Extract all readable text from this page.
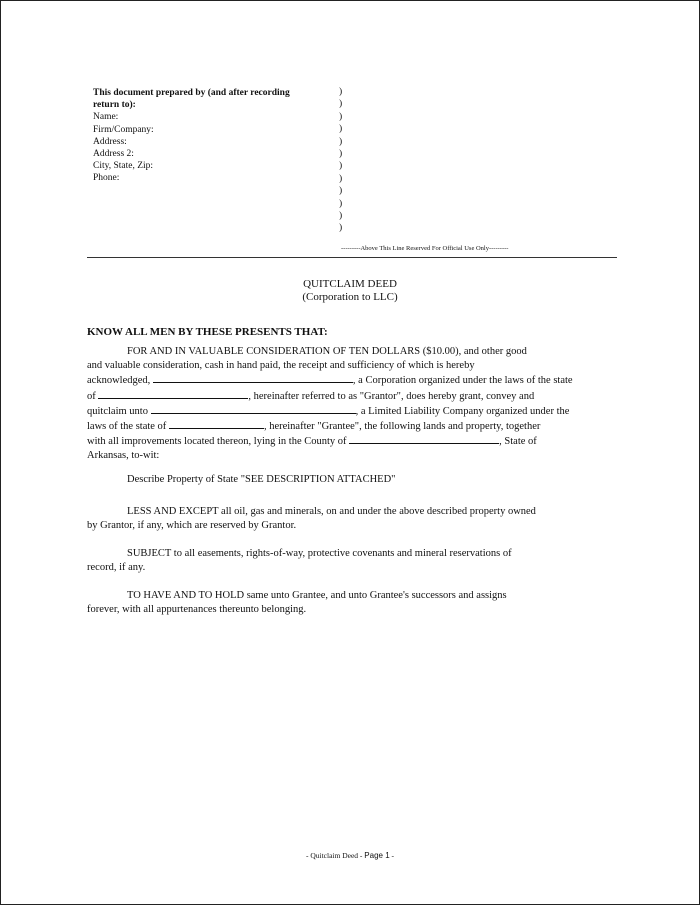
This document prepared by (and after recording
return to):
Name:
Firm/Company:
Address:
Address 2:
City, State, Zip:
Phone:
)
)
)
)
)
)
)
)
)
)
)
)
---------Above This Line Reserved For Official Use Only---------
QUITCLAIM DEED
(Corporation to LLC)
KNOW ALL MEN BY THESE PRESENTS THAT:
FOR AND IN VALUABLE CONSIDERATION OF TEN DOLLARS ($10.00), and other good
and valuable consideration, cash in hand paid, the receipt and sufficiency of which is hereby
acknowledged,	, a Corporation organized under the laws of the state
of	, hereinafter referred to as "Grantor", does hereby grant, convey and
quitclaim unto	, a Limited Liability Company organized under the
laws of the state of	, hereinafter "Grantee", the following lands and property, together
with all improvements located thereon, lying in the County of	, State of
Arkansas, to-wit:
Describe Property of State "SEE DESCRIPTION ATTACHED"
LESS AND EXCEPT all oil, gas and minerals, on and under the above described property owned
by Grantor, if any, which are reserved by Grantor.
SUBJECT to all easements, rights-of-way, protective covenants and mineral reservations of
record, if any.
TO HAVE AND TO HOLD same unto Grantee, and unto Grantee's successors and assigns
forever, with all appurtenances thereunto belonging.
- Quitclaim Deed - Page 1 -
